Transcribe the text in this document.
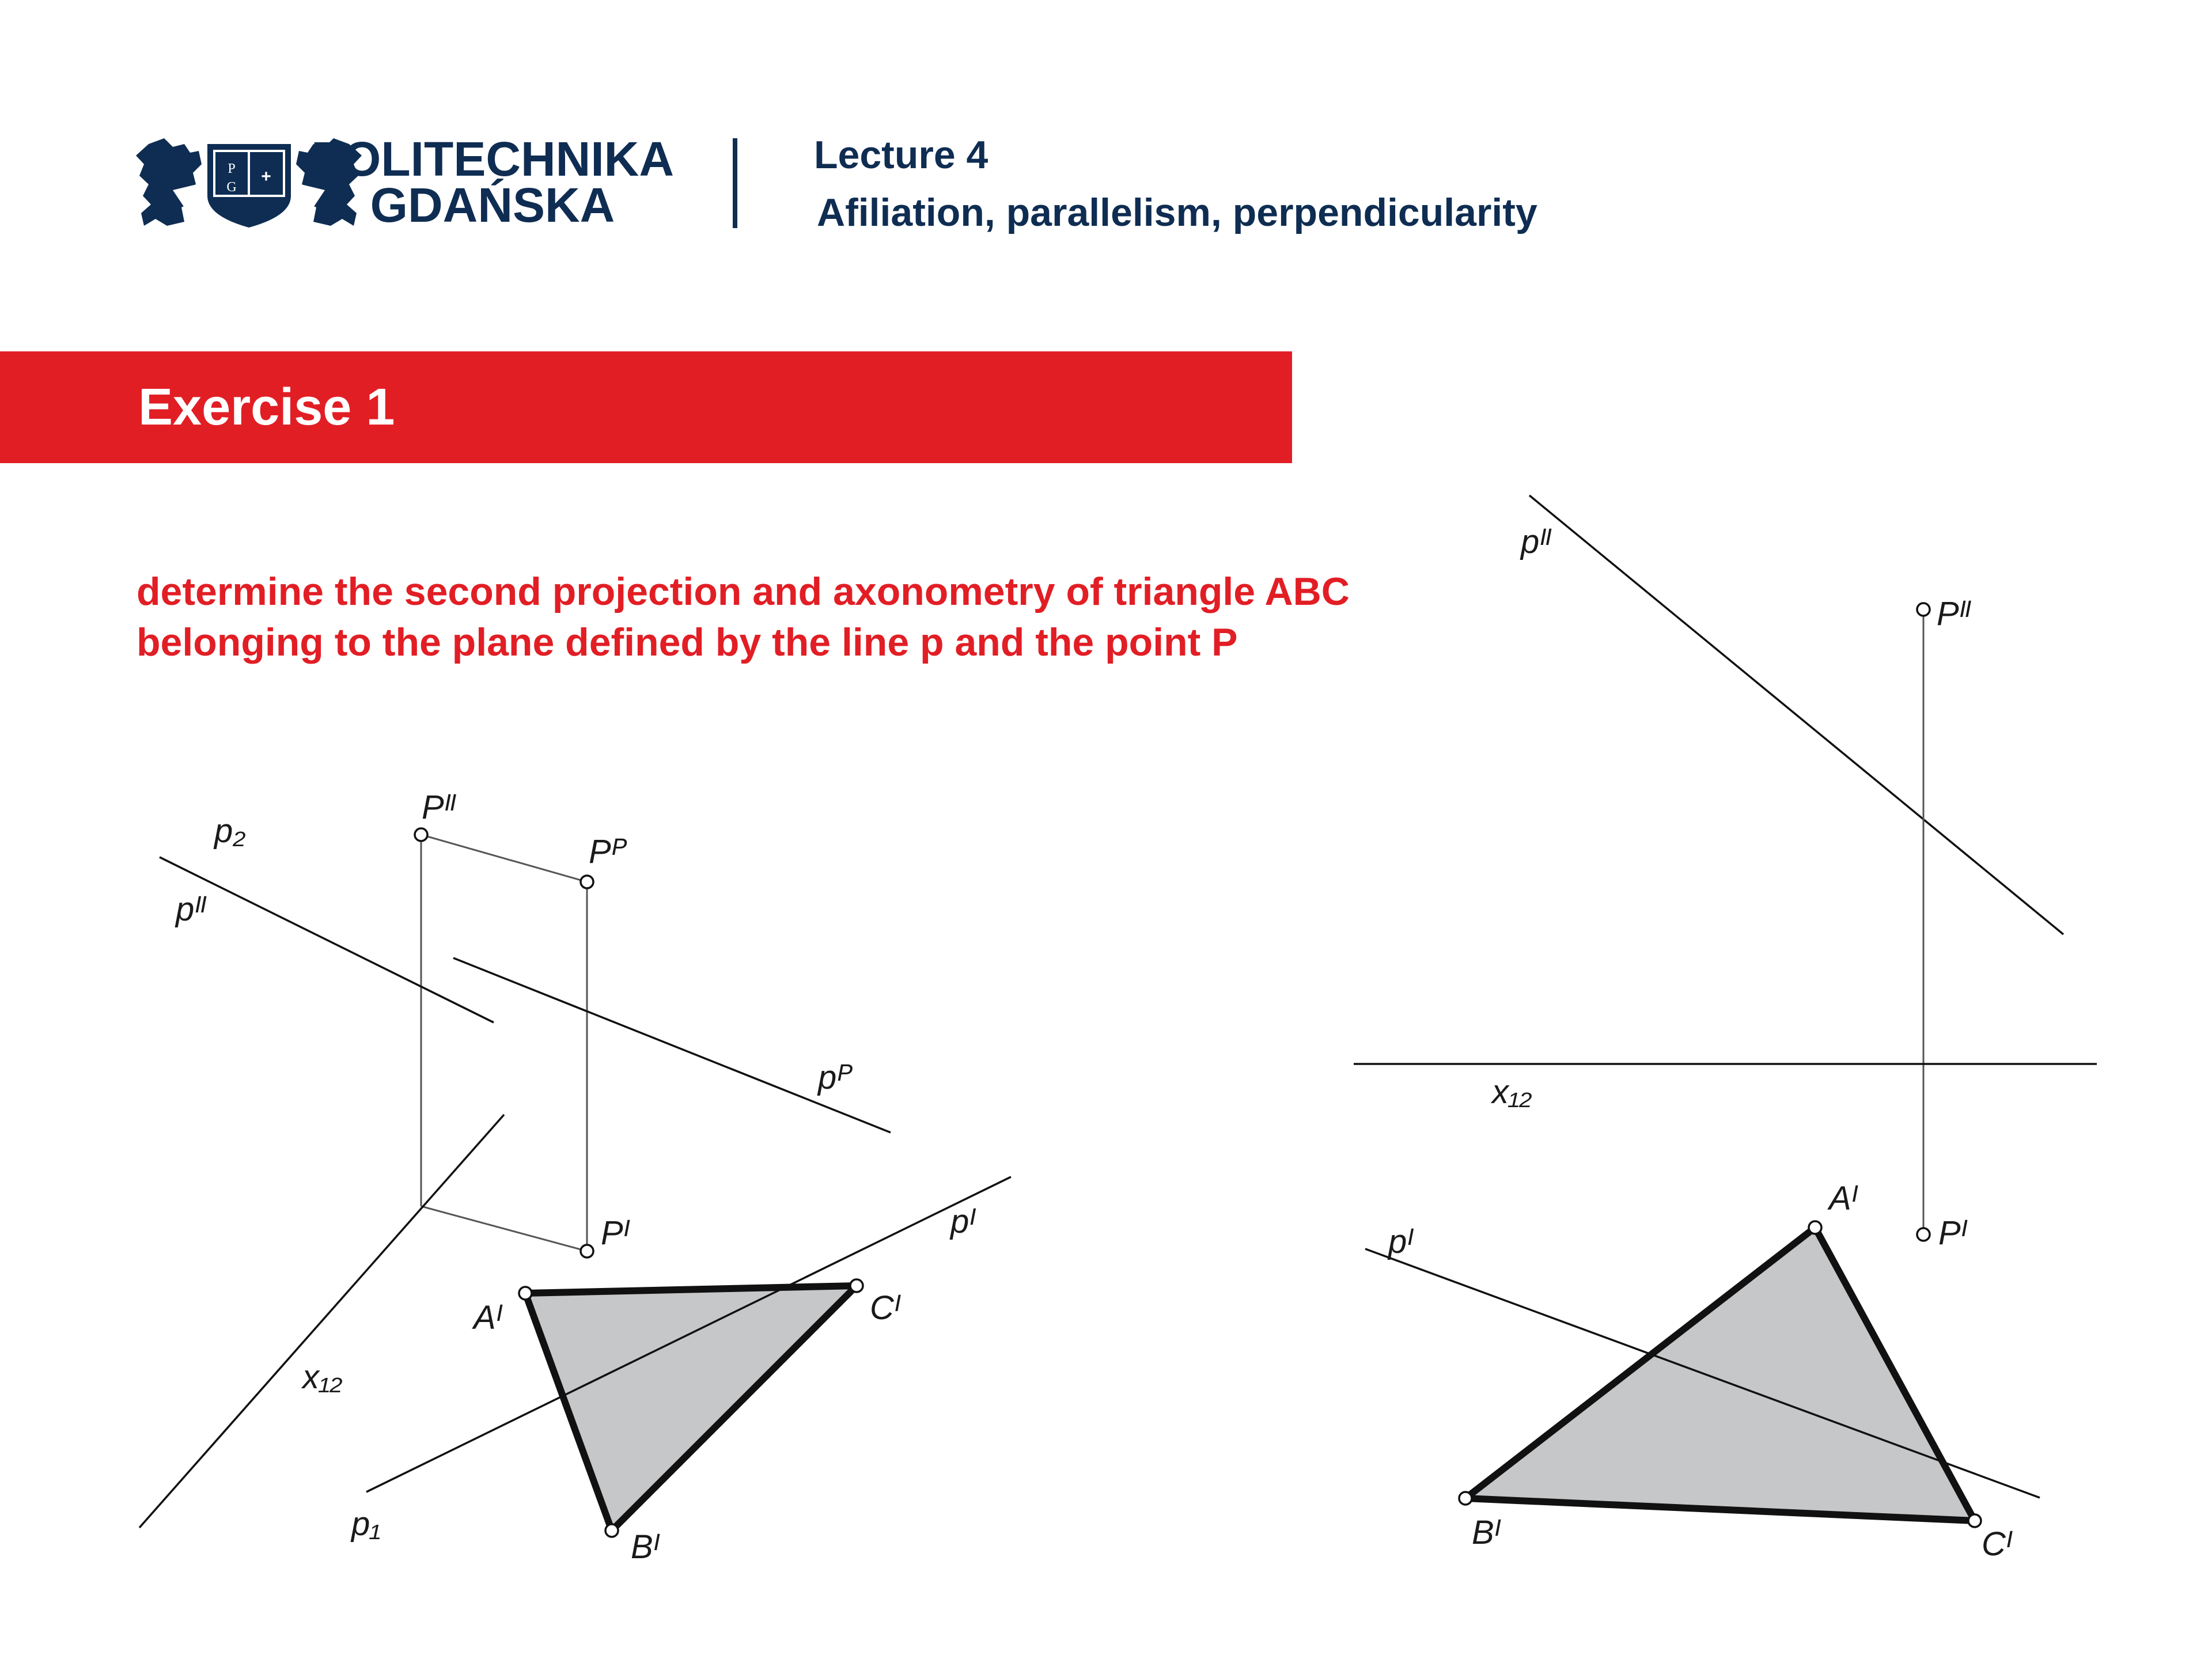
P
G
+ POLITECHNIKA
GDAŃSKA
Lecture 4
Afiliation, parallelism, perpendicularity
Exercise 1
determine the second projection and axonometry of triangle ABC
belonging to the plane defined by the line p and the point P
p₂
pᴵᴵ
Pᴵᴵ
Pᴾ
pᴾ
pᴵ
Pᴵ
Aᴵ	Cᴵ
Bᴵ
x₁₂
p₁
pᴵᴵ
Pᴵᴵ
x₁₂
Aᴵ
Pᴵ
pᴵ
Bᴵ	Cᴵ
